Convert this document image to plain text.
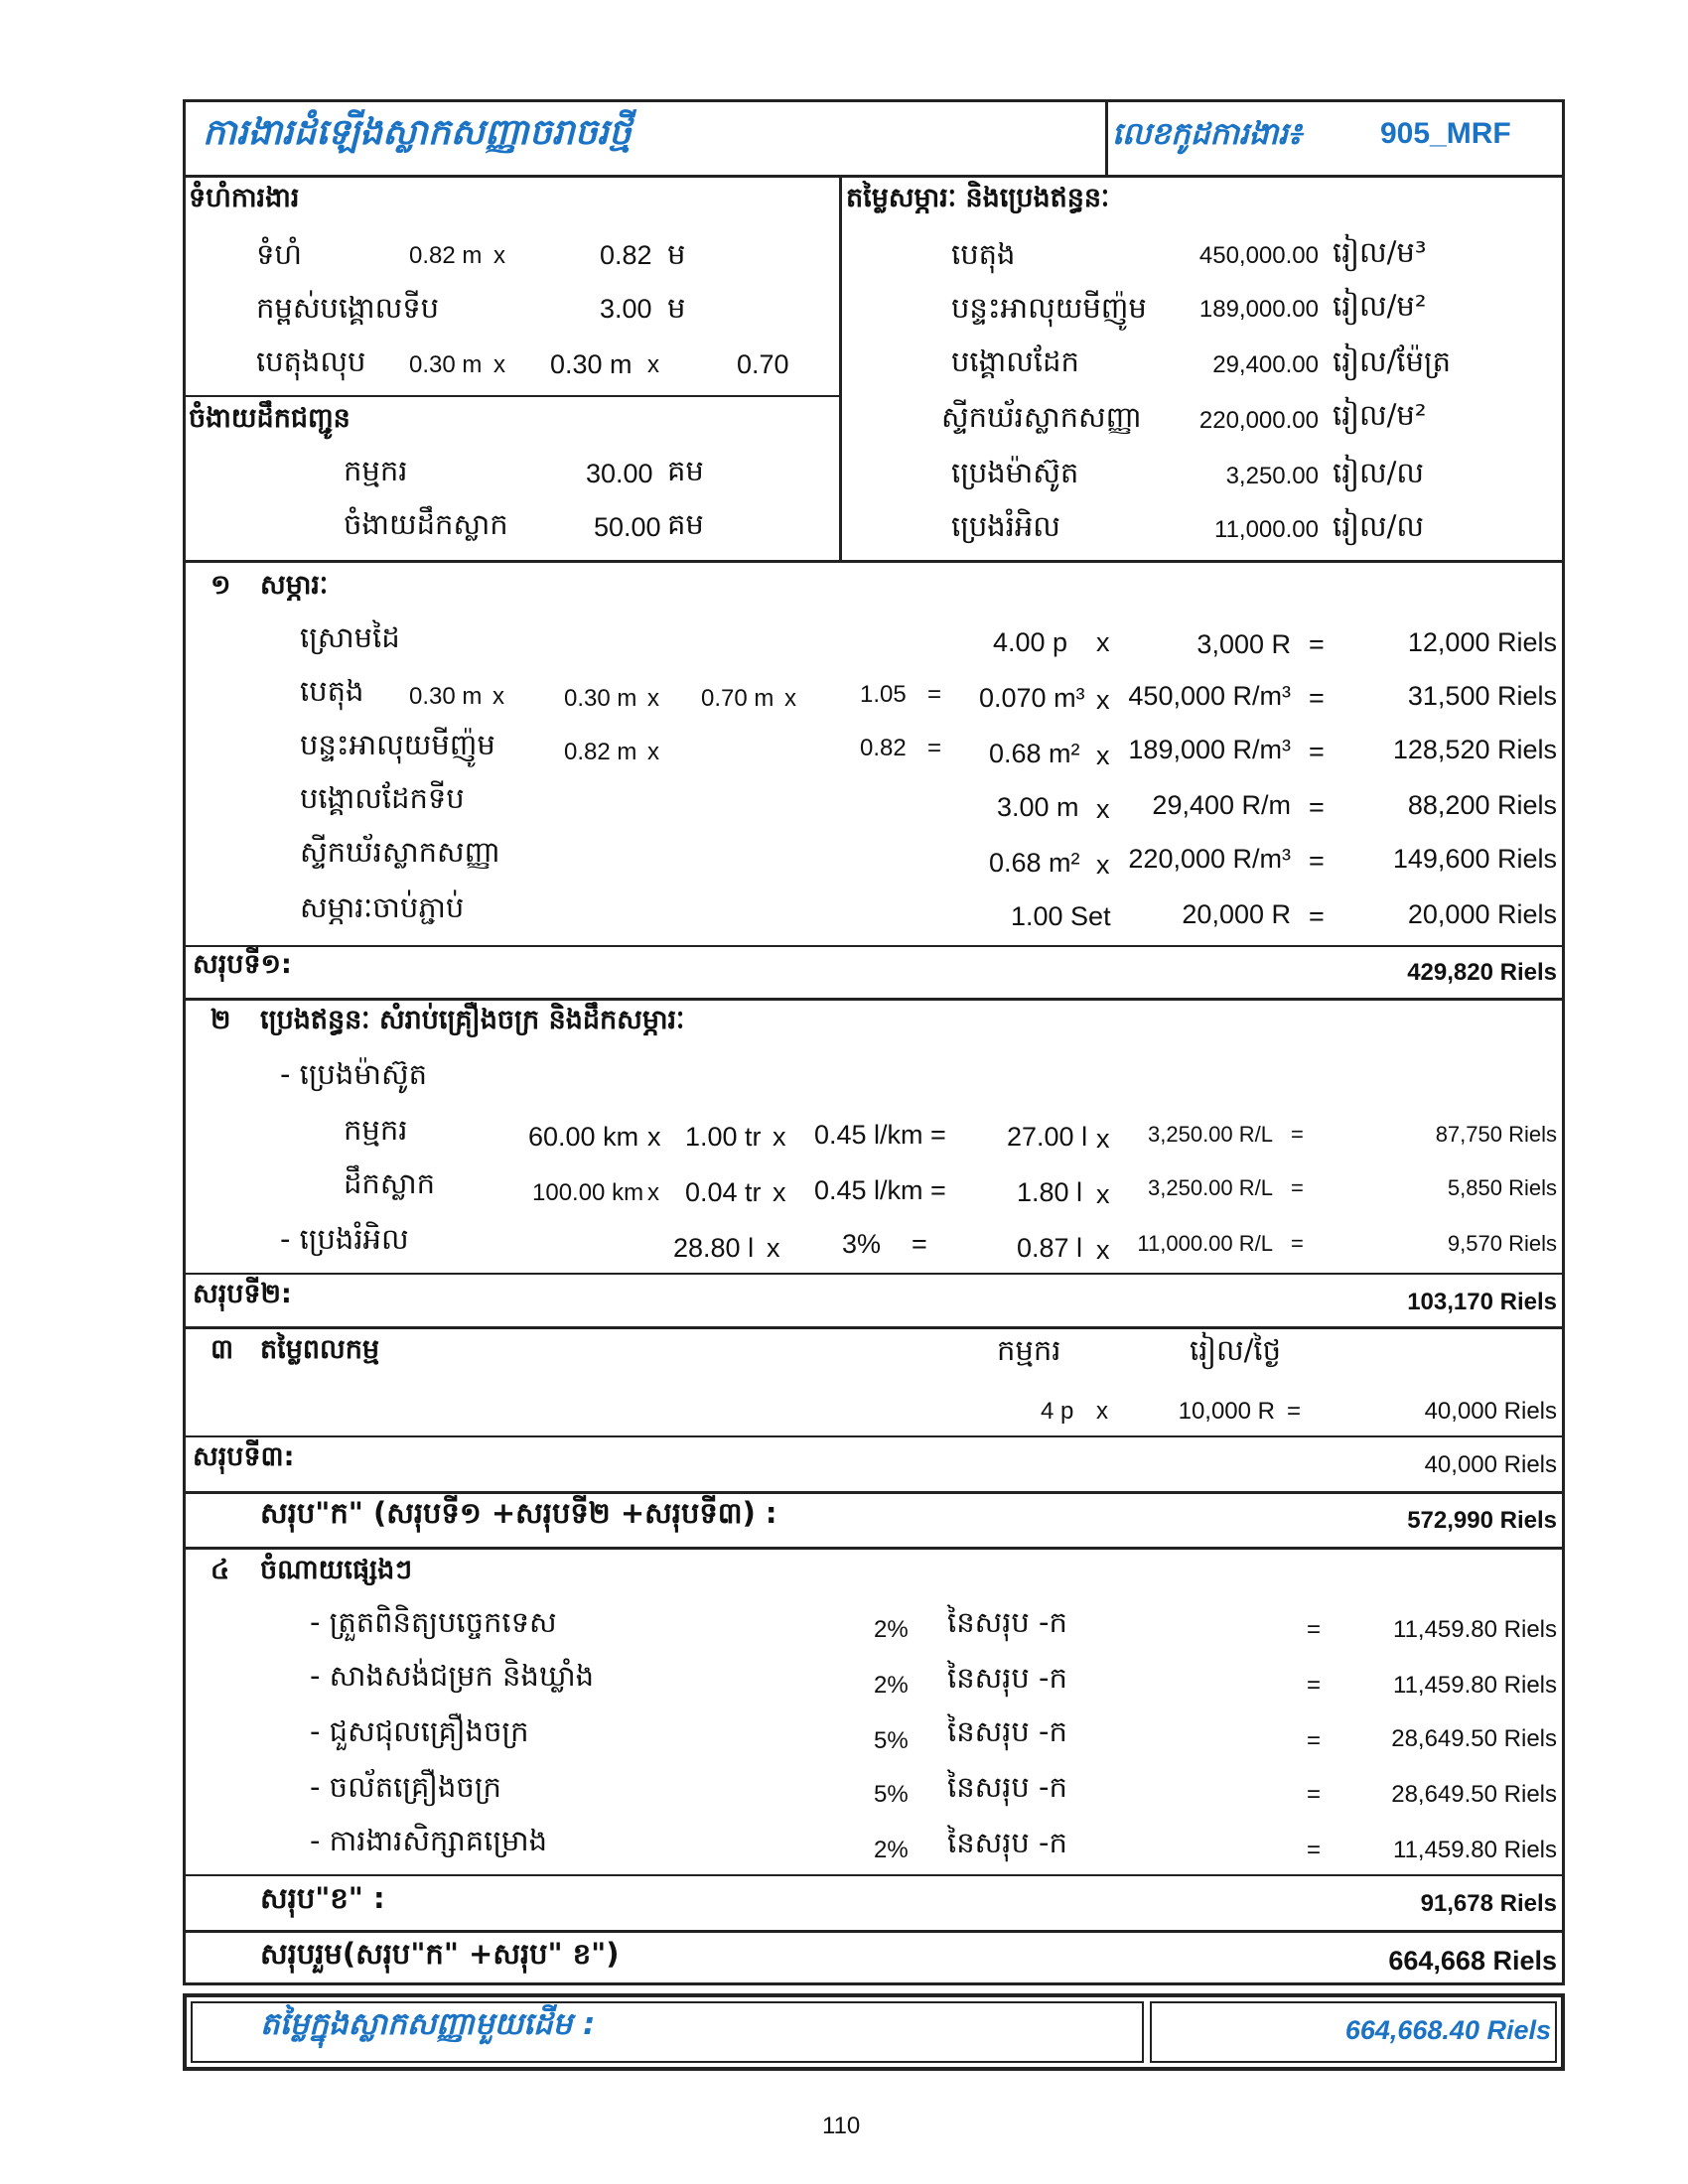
ការងារដំឡើងស្លាកសញ្ញាចរាចរថ្មី	លេខកូដការងារ៖	905_MRF
ទំហំការងារ
ទំហំ	0.82 m x	0.82 ម
កម្ពស់បង្គោលទីប	3.00 ម
បេតុងលុប 0.30 m x 0.30 m x	0.70
ចំងាយដឹកជញ្ជូន
កម្មករ	30.00 គម
ចំងាយដឹកស្លាក	50.00 គម
តម្លៃសម្ភារៈ និងប្រេងឥន្ធនៈ
បេតុង	450,000.00 រៀល/ម³
បន្ទះអាលុយមីញ៉ូម 189,000.00 រៀល/ម²
បង្គោលដែក	29,400.00 រៀល/ម៉ែត្រ
ស្ទីកឃ័រស្លាកសញ្ញា 220,000.00 រៀល/ម²
ប្រេងម៉ាស៊ូត	3,250.00 រៀល/ល
ប្រេងរំអិល	11,000.00 រៀល/ល
១ សម្ភារៈ
ស្រោមដៃ	4.00 p x	3,000 R =	12,000 Riels
បេតុង 0.30 m x	0.30 m x 0.70 m x	1.05 = 0.070 m³ x 450,000 R/m³ =	31,500 Riels
បន្ទះអាលុយមីញ៉ូម	0.82 m x	0.82 = 0.68 m² x 189,000 R/m³ =	128,520 Riels
បង្គោលដែកទីប	3.00 m x 29,400 R/m =	88,200 Riels
ស្ទីកឃ័រស្លាកសញ្ញា	0.68 m² x 220,000 R/m³ =	149,600 Riels
សម្ភារៈចាប់ភ្ជាប់	1.00 Set	20,000 R =	20,000 Riels
សរុបទី១:	429,820 Riels
២ ប្រេងឥន្ធនៈ សំរាប់គ្រឿងចក្រ និងដឹកសម្ភារៈ
- ប្រេងម៉ាស៊ូត
កម្មករ	60.00 km x 1.00 tr x 0.45 l/km = 27.00 l x 3,250.00 R/L =	87,750 Riels
ដឹកស្លាក	100.00 km x 0.04 tr x 0.45 l/km =	1.80 l x 3,250.00 R/L =	5,850 Riels
- ប្រេងរំអិល	28.80 l x 3% =	0.87 l x 11,000.00 R/L =	9,570 Riels
សរុបទី២:	103,170 Riels
៣ តម្លៃពលកម្ម	កម្មករ	រៀល/ថ្ងៃ
4 p x	10,000 R =	40,000 Riels
សរុបទី៣:	40,000 Riels
សរុប"ក" (សរុបទី១ +សរុបទី២ +សរុបទី៣) :	572,990 Riels
៤ ចំណាយផ្សេងៗ
- ត្រួតពិនិត្យបច្ចេកទេស	2% នៃសរុប -ក	=	11,459.80 Riels
- សាងសង់ជម្រក និងឃ្លាំង	2% នៃសរុប -ក	=	11,459.80 Riels
- ជួសជុលគ្រឿងចក្រ	5% នៃសរុប -ក	=	28,649.50 Riels
- ចល័តគ្រឿងចក្រ	5% នៃសរុប -ក	=	28,649.50 Riels
- ការងារសិក្សាគម្រោង	2% នៃសរុប -ក	=	11,459.80 Riels
សរុប"ខ" :	91,678 Riels
សរុបរួម(សរុប"ក" +សរុប" ខ")	664,668 Riels
តម្លៃក្នុងស្លាកសញ្ញាមួយដើម :	664,668.40 Riels
110
